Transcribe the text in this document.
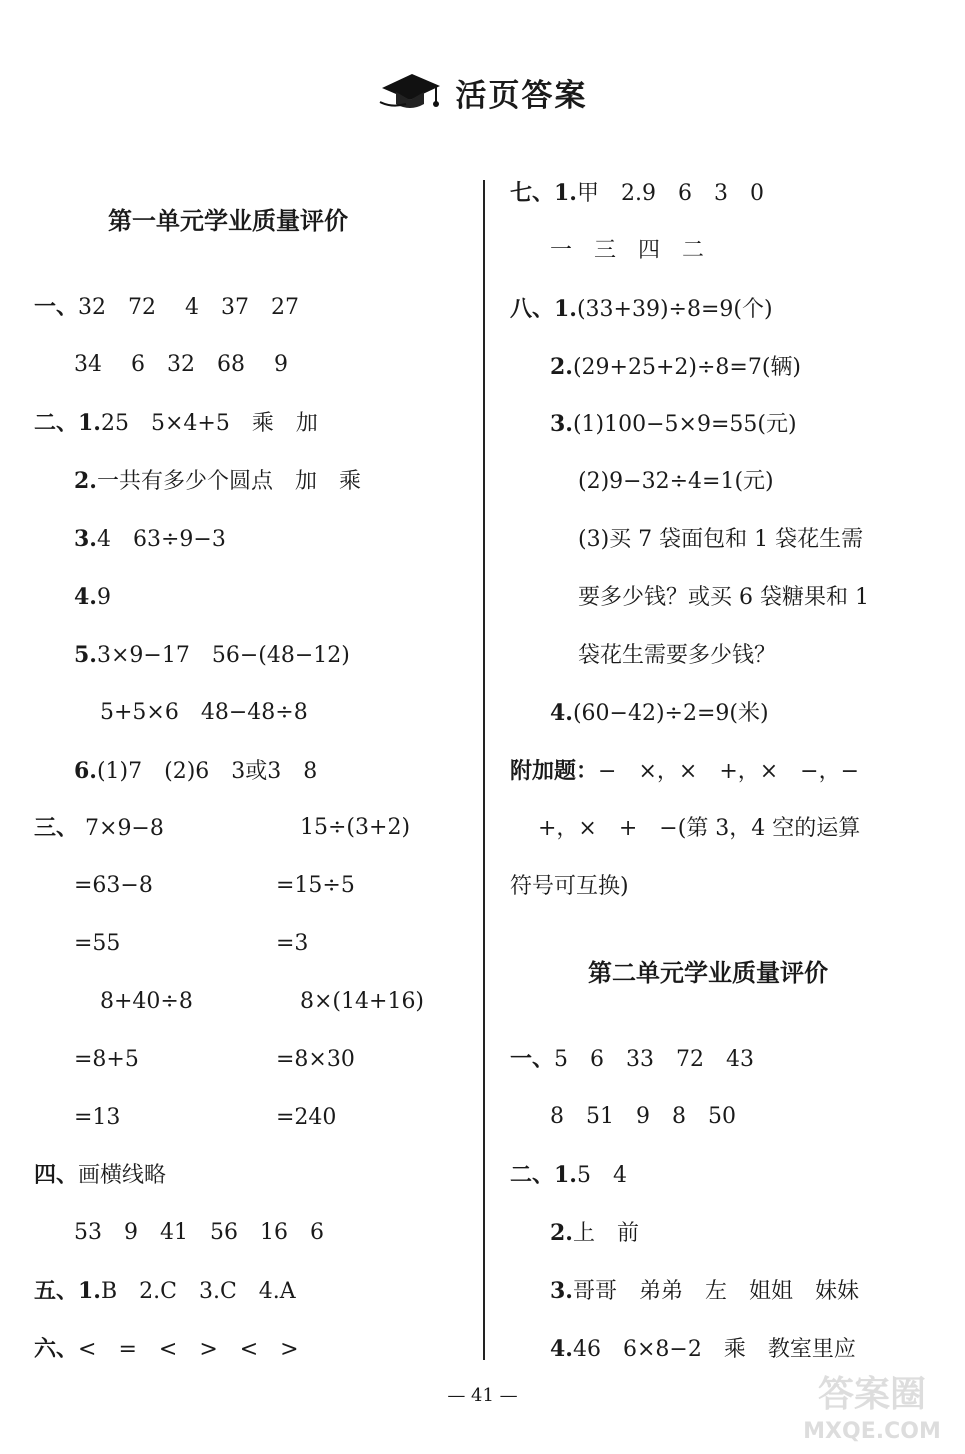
活页答案
第一单元学业质量评价
一、32　72　 4　37　27
34　 6　32　68　 9
二、1.25　5×4+5　乘　加
2.一共有多少个圆点　加　乘
3.4　63÷9−3
4.9
5.3×9−17　56−(48−12)
5+5×6　48−48÷8
6.(1)7　(2)6　3或3　8
三、 7×9−8
=63−8
=55
8+40÷8
=8+5
=13
15÷(3+2)
=15÷5
=3
8×(14+16)
=8×30
=240
四、画横线略
53　9　41　56　16　6
五、1.B　2.C　3.C　4.A
六、<　=　<　>　<　>
七、1.甲　2.9　6　3　0
一　三　四　二
八、1.(33+39)÷8=9(个)
2.(29+25+2)÷8=7(辆)
3.(1)100−5×9=55(元)
(2)9−32÷4=1(元)
(3)买 7 袋面包和 1 袋花生需
要多少钱？或买 6 袋糖果和 1
袋花生需要多少钱？
4.(60−42)÷2=9(米)
附加题：−　×，×　+，×　−，−
+，×　+　−(第 3，4 空的运算
符号可互换)
第二单元学业质量评价
一、5　6　33　72　43
8　51　9　8　50
二、1.5　4
2.上　前
3.哥哥　弟弟　左　姐姐　妹妹
4.46　6×8−2　乘　教室里应
— 41 —	答案圈
MXQE.COM
